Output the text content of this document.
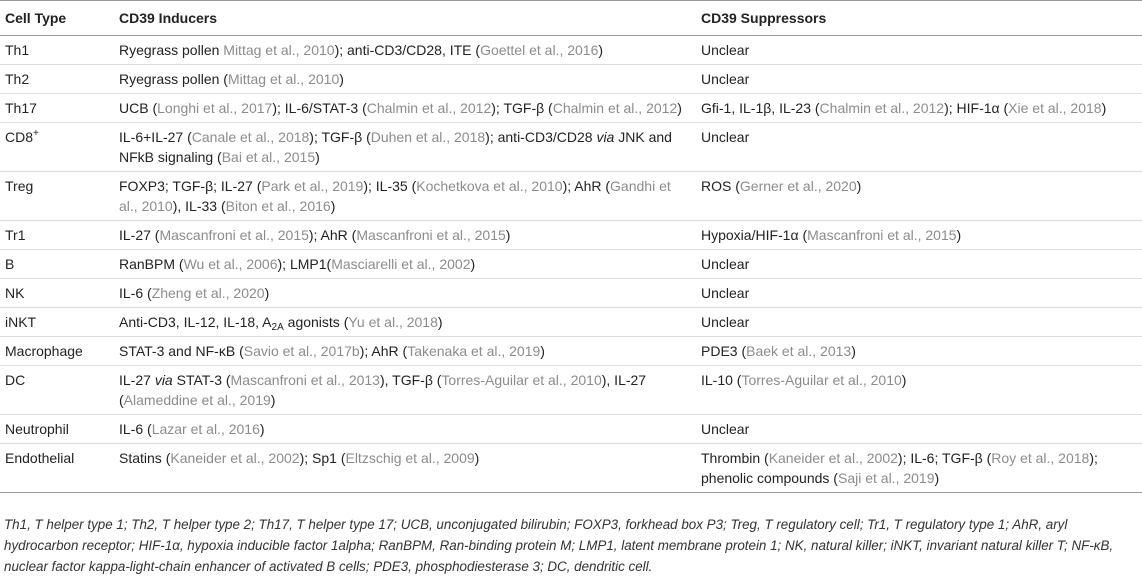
Cell Type	CD39 Inducers	CD39 Suppressors
Th1	Ryegrass pollen Mittag et al., 2010); anti-CD3/CD28, ITE (Goettel et al., 2016)	Unclear
Th2	Ryegrass pollen (Mittag et al., 2010)	Unclear
Th17	UCB (Longhi et al., 2017); IL-6/STAT-3 (Chalmin et al., 2012); TGF-β (Chalmin et al., 2012)	Gfi-1, IL-1β, IL-23 (Chalmin et al., 2012); HIF-1α (Xie et al., 2018)
CD8+	IL-6+IL-27 (Canale et al., 2018); TGF-β (Duhen et al., 2018); anti-CD3/CD28 via JNK and NFkB signaling (Bai et al., 2015)	Unclear
Treg	FOXP3; TGF-β; IL-27 (Park et al., 2019); IL-35 (Kochetkova et al., 2010); AhR (Gandhi et al., 2010), IL-33 (Biton et al., 2016)	ROS (Gerner et al., 2020)
Tr1	IL-27 (Mascanfroni et al., 2015); AhR (Mascanfroni et al., 2015)	Hypoxia/HIF-1α (Mascanfroni et al., 2015)
B	RanBPM (Wu et al., 2006); LMP1(Masciarelli et al., 2002)	Unclear
NK	IL-6 (Zheng et al., 2020)	Unclear
iNKT	Anti-CD3, IL-12, IL-18, $A_{2A}$ agonists (Yu et al., 2018)	Unclear
Macrophage	STAT-3 and NF-κB (Savio et al., 2017b); AhR (Takenaka et al., 2019)	PDE3 (Baek et al., 2013)
DC	IL-27 via STAT-3 (Mascanfroni et al., 2013), TGF-β (Torres-Aguilar et al., 2010), IL-27 (Alameddine et al., 2019)	IL-10 (Torres-Aguilar et al., 2010)
Neutrophil	IL-6 (Lazar et al., 2016)	Unclear
Endothelial	Statins (Kaneider et al., 2002); Sp1 (Eltzschig et al., 2009)	Thrombin (Kaneider et al., 2002); IL-6; TGF-β (Roy et al., 2018); phenolic compounds (Saji et al., 2019)
Th1, T helper type 1; Th2, T helper type 2; Th17, T helper type 17; UCB, unconjugated bilirubin; FOXP3, forkhead box P3; Treg, T regulatory cell; Tr1, T regulatory type 1; AhR, aryl hydrocarbon receptor; HIF-1α, hypoxia inducible factor 1alpha; RanBPM, Ran-binding protein M; LMP1, latent membrane protein 1; NK, natural killer; iNKT, invariant natural killer T; NF-κB, nuclear factor kappa-light-chain enhancer of activated B cells; PDE3, phosphodiesterase 3; DC, dendritic cell.
